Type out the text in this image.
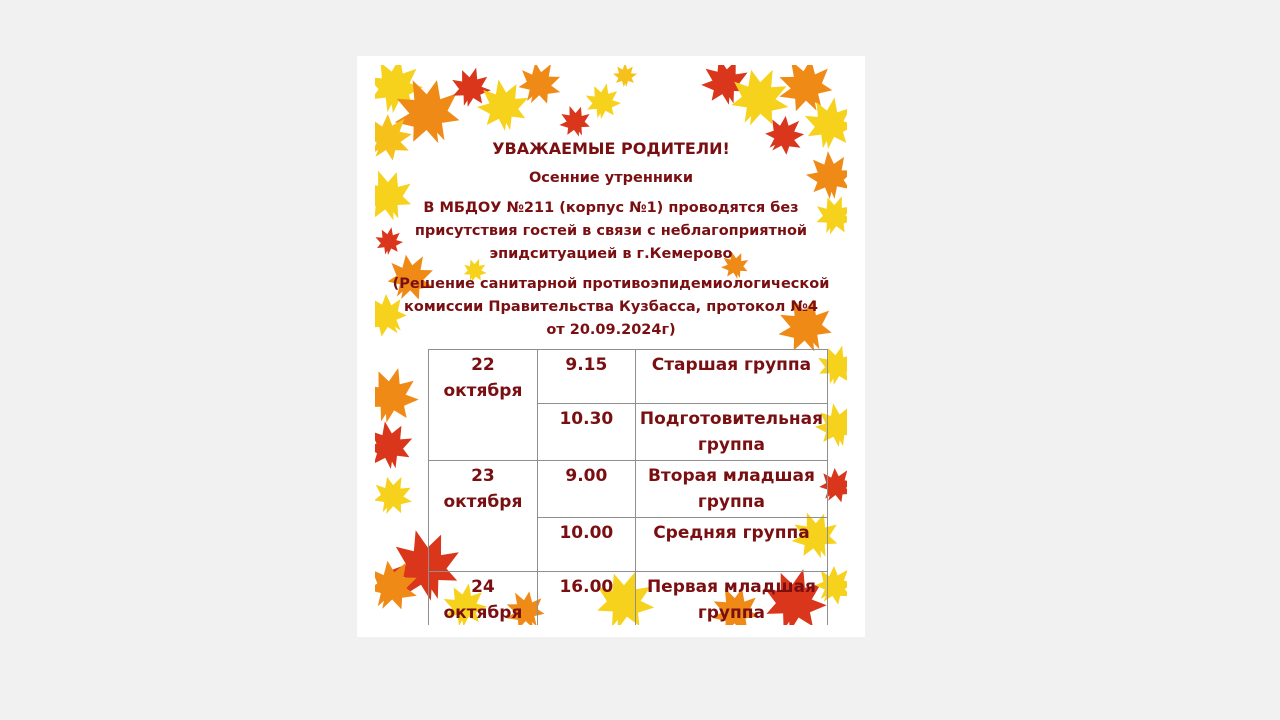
УВАЖАЕМЫЕ РОДИТЕЛИ!
Осенние утренники
В МБДОУ №211 (корпус №1) проводятся без
присутствия гостей в связи с неблагоприятной
эпидситуацией в г.Кемерово
(Решение санитарной противоэпидемиологической
комиссии Правительства Кузбасса, протокол №4
от 20.09.2024г)
22 октября	9.15	Старшая группа
	10.30	Подготовительная группа
23 октября	9.00	Вторая младшая группа
	10.00	Средняя группа
24 октября	16.00	Первая младшая группа
